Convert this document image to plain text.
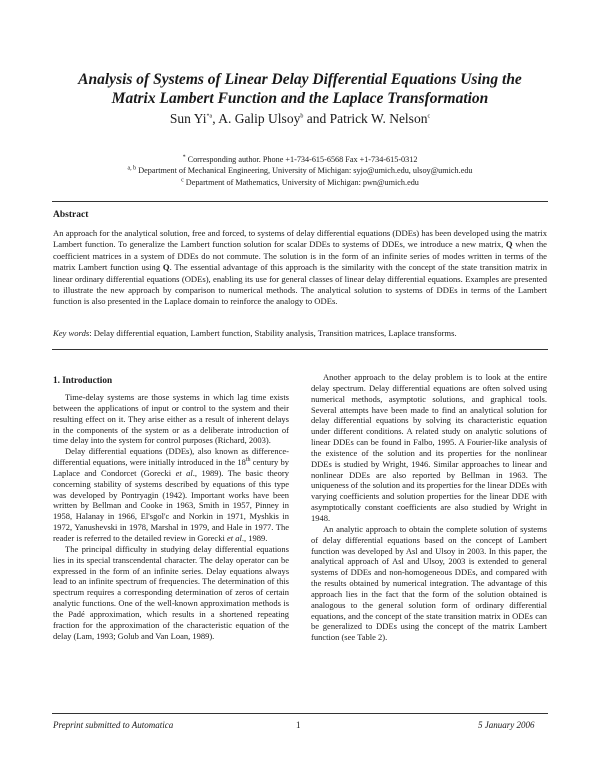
Analysis of Systems of Linear Delay Differential Equations Using the
Matrix Lambert Function and the Laplace Transformation
Sun Yi$^{*a}$, A. Galip Ulsoy$^b$ and Patrick W. Nelson$^c$
* Corresponding author. Phone +1-734-615-6568 Fax +1-734-615-0312
$^{a, b}$ Department of Mechanical Engineering, University of Michigan: syjo@umich.edu, ulsoy@umich.edu
$^c$ Department of Mathematics, University of Michigan: pwn@umich.edu
Abstract
An approach for the analytical solution, free and forced, to systems of delay differential equations (DDEs) has been developed using the matrix Lambert function. To generalize the Lambert function solution for scalar DDEs to systems of DDEs, we introduce a new matrix, Q when the coefficient matrices in a system of DDEs do not commute. The solution is in the form of an infinite series of modes written in terms of the matrix Lambert function using Q. The essential advantage of this approach is the similarity with the concept of the state transition matrix in linear ordinary differential equations (ODEs), enabling its use for general classes of linear delay differential equations. Examples are presented to illustrate the new approach by comparison to numerical methods. The analytical solution to systems of DDEs in terms of the Lambert function is also presented in the Laplace domain to reinforce the analogy to ODEs.
Key words: Delay differential equation, Lambert function, Stability analysis, Transition matrices, Laplace transforms.
1. Introduction

Time-delay systems are those systems in which lag time exists between the applications of input or control to the system and their resulting effect on it. They arise either as a result of inherent delays in the components of the system or as a deliberate introduction of time delay into the system for control purposes (Richard, 2003).

Delay differential equations (DDEs), also known as difference-differential equations, were initially introduced in the 18th century by Laplace and Condorcet (Gorecki et al., 1989). The basic theory concerning stability of systems described by equations of this type was developed by Pontryagin (1942). Important works have been written by Bellman and Cooke in 1963, Smith in 1957, Pinney in 1958, Halanay in 1966, El'sgol'c and Norkin in 1971, Myshkis in 1972, Yanushevski in 1978, Marshal in 1979, and Hale in 1977. The reader is referred to the detailed review in Gorecki et al., 1989.

The principal difficulty in studying delay differential equations lies in its special transcendental character. The delay operator can be expressed in the form of an infinite series. Delay equations always lead to an infinite spectrum of frequencies. The determination of this spectrum requires a corresponding determination of zeros of certain analytic functions. One of the well-known approximation methods is the Padé approximation, which results in a shortened repeating fraction for the approximation of the characteristic equation of the delay (Lam, 1993; Golub and Van Loan, 1989).

Another approach to the delay problem is to look at the entire delay spectrum. Delay differential equations are often solved using numerical methods, asymptotic solutions, and graphical tools. Several attempts have been made to find an analytical solution for delay differential equations by solving its characteristic equation under different conditions. A related study on analytic solutions of linear DDEs can be found in Falbo, 1995. A Fourier-like analysis of the existence of the solution and its properties for the nonlinear DDEs is studied by Wright, 1946. Similar approaches to linear and nonlinear DDEs are also reported by Bellman in 1963. The uniqueness of the solution and its properties for the linear DDEs with varying coefficients and solution properties for the linear DDE with asymptotically constant coefficients are also studied by Wright in 1948.

An analytic approach to obtain the complete solution of systems of delay differential equations based on the concept of Lambert function was developed by Asl and Ulsoy in 2003. In this paper, the analytical approach of Asl and Ulsoy, 2003 is extended to general systems of DDEs and non-homogeneous DDEs, and compared with the results obtained by numerical integration. The advantage of this approach lies in the fact that the form of the solution obtained is analogous to the general solution form of ordinary differential equations, and the concept of the state transition matrix in ODEs can be generalized to DDEs using the concept of the matrix Lambert function (see Table 2).

Preprint submitted to Automatica	1	5 January 2006
